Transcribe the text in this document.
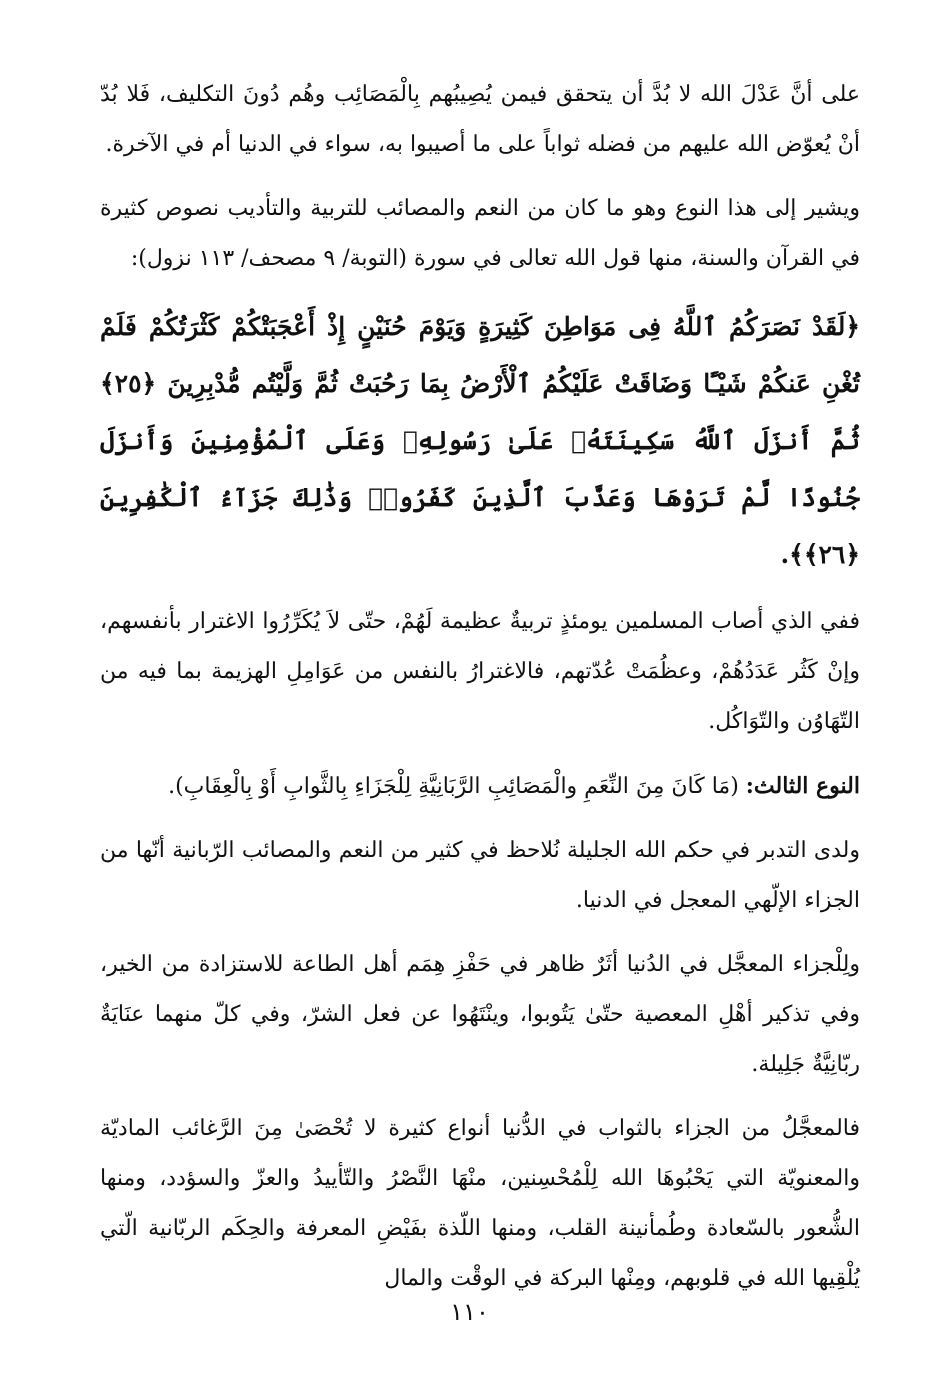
على أنَّ عَدْلَ الله لا بُدَّ أن يتحقق فيمن يُصِيبُهم بِالْمَصَائِب وهُم دُونَ التكليف، فَلا بُدّ أنْ يُعوّض الله عليهم من فضله ثواباً على ما أصيبوا به، سواء في الدنيا أم في الآخرة.

ويشير إلى هذا النوع وهو ما كان من النعم والمصائب للتربية والتأديب نصوص كثيرة في القرآن والسنة، منها قول الله تعالى في سورة (التوبة/ ٩ مصحف/ ١١٣ نزول):

﴿لَقَدْ نَصَرَكُمُ ٱللَّهُ فِى مَوَاطِنَ كَثِيرَةٍ وَيَوْمَ حُنَيْنٍ إِذْ أَعْجَبَتْكُمْ كَثْرَتُكُمْ فَلَمْ تُغْنِ عَنكُمْ شَيْـًٔا وَضَاقَتْ عَلَيْكُمُ ٱلْأَرْضُ بِمَا رَحُبَتْ ثُمَّ وَلَّيْتُم مُّدْبِرِينَ ﴿٢٥﴾ ثُمَّ أَنزَلَ ٱللَّهُ سَكِينَتَهُۥ عَلَىٰ رَسُولِهِۦ وَعَلَى ٱلْمُؤْمِنِينَ وَأَنزَلَ جُنُودًا لَّمْ تَرَوْهَا وَعَذَّبَ ٱلَّذِينَ كَفَرُوا۟ وَذَٰلِكَ جَزَآءُ ٱلْكَٰفِرِينَ ﴿٢٦﴾﴾.

ففي الذي أصاب المسلمين يومئذٍ تربيةٌ عظيمة لَهُمْ، حتّى لاَ يُكَرِّرُوا الاغترار بأنفسهم، وإنْ كَثُر عَدَدُهُمْ، وعظُمَتْ عُدّتهم، فالاغترارُ بالنفس من عَوَامِلِ الهزيمة بما فيه من التّهَاوُن والتّوَاكُل.

النوع الثالث: (مَا كَانَ مِنَ النِّعَمِ والْمَصَائِبِ الرَّبَانِيَّةِ لِلْجَزَاءِ بِالثَّوابِ أَوْ بِالْعِقَابِ).

ولدى التدبر في حكم الله الجليلة نُلاحظ في كثير من النعم والمصائب الرّبانية أنّها من الجزاء الإلّهي المعجل في الدنيا.

ولِلْجزاء المعجَّل في الدُنيا أثَرٌ ظاهر في حَفْزِ هِمَم أهل الطاعة للاستزادة من الخير، وفي تذكير أهْلِ المعصية حتّىٰ يَتُوبوا، وينْتَهُوا عن فعل الشرّ، وفي كلّ منهما عنَايَةٌ ربّانِيَّةٌ جَلِيلة.

فالمعجَّلُ من الجزاء بالثواب في الدُّنيا أنواع كثيرة لا تُحْصَىٰ مِنَ الرَّغائب الماديّة والمعنويّة التي يَحْبُوهَا الله لِلْمُحْسِنين، منْهَا النَّصْرُ والتّأييدُ والعزّ والسؤدد، ومنها الشُّعور بالسّعادة وطُمأنينة القلب، ومنها اللّذة بفَيْضِ المعرفة والحِكَم الربّانية الّتي يُلْقِيها الله في قلوبهم، ومِنْها البركة في الوقْت والمال

١١٠
